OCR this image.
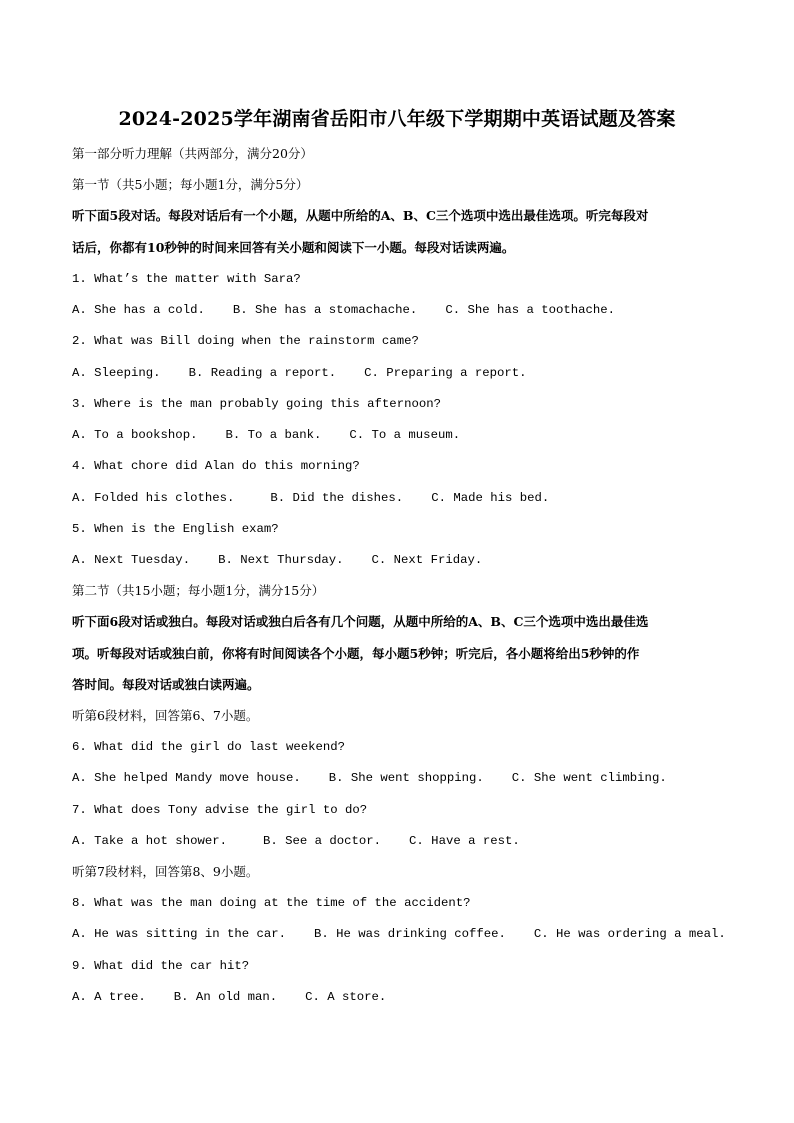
2024-2025学年湖南省岳阳市八年级下学期期中英语试题及答案
第一部分听力理解（共两部分，满分20分）
第一节（共5小题；每小题1分，满分5分）
听下面5段对话。每段对话后有一个小题，从题中所给的A、B、C三个选项中选出最佳选项。听完每段对
话后，你都有10秒钟的时间来回答有关小题和阅读下一小题。每段对话读两遍。
1. What’s the matter with Sara?
A. She has a cold. B. She has a stomachache. C. She has a toothache.
2. What was Bill doing when the rainstorm came?
A. Sleeping. B. Reading a report. C. Preparing a report.
3. Where is the man probably going this afternoon?
A. To a bookshop. B. To a bank. C. To a museum.
4. What chore did Alan do this morning?
A. Folded his clothes.	B. Did the dishes. C. Made his bed.
5. When is the English exam?
A. Next Tuesday. B. Next Thursday. C. Next Friday.
第二节（共15小题；每小题1分，满分15分）
听下面6段对话或独白。每段对话或独白后各有几个问题，从题中所给的A、B、C三个选项中选出最佳选
项。听每段对话或独白前，你将有时间阅读各个小题，每小题5秒钟；听完后，各小题将给出5秒钟的作
答时间。每段对话或独白读两遍。
听第6段材料，回答第6、7小题。
6. What did the girl do last weekend?
A. She helped Mandy move house. B. She went shopping. C. She went climbing.
7. What does Tony advise the girl to do?
A. Take a hot shower.	B. See a doctor. C. Have a rest.
听第7段材料，回答第8、9小题。
8. What was the man doing at the time of the accident?
A. He was sitting in the car. B. He was drinking coffee. C. He was ordering a meal.
9. What did the car hit?
A. A tree. B. An old man. C. A store.
